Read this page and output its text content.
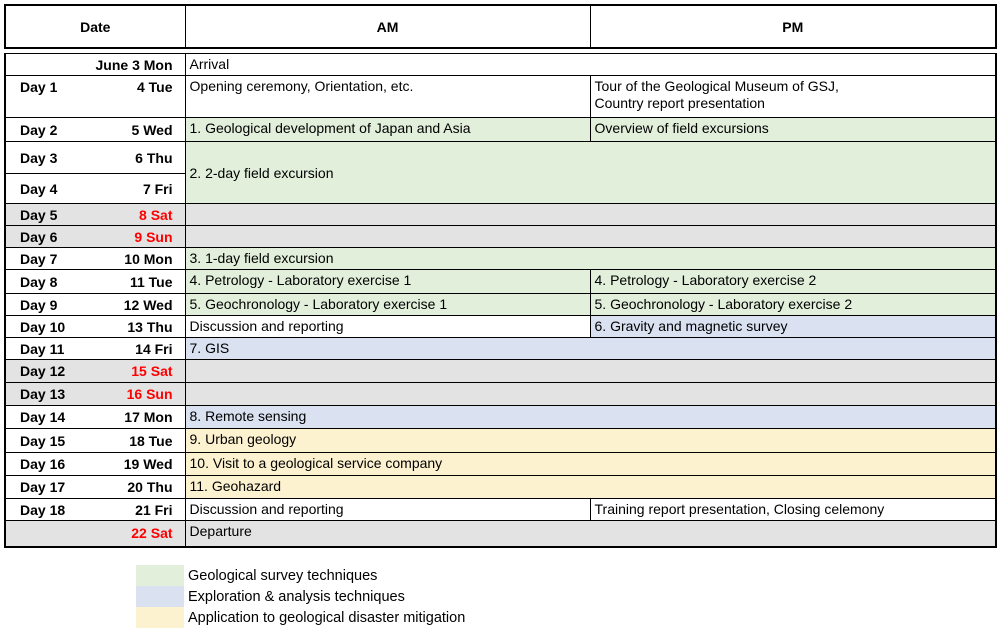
Date		AM	PM

	June 3 Mon	Arrival	
Day 1	4 Tue	Opening ceremony, Orientation, etc.	Tour of the Geological Museum of GSJ,
Country report presentation

Day 2	5 Wed	1. Geological development of Japan and Asia	Overview of field excursions
Day 3	6 Thu	2. 2-day field excursion	
Day 4	7 Fri		
Day 5	8 Sat		
Day 6	9 Sun		
Day 7	10 Mon	3. 1-day field excursion	
Day 8	11 Tue	4. Petrology - Laboratory exercise 1	4. Petrology - Laboratory exercise 2
Day 9	12 Wed	5. Geochronology - Laboratory exercise 1	5. Geochronology - Laboratory exercise 2
Day 10	13 Thu	Discussion and reporting	6. Gravity and magnetic survey
Day 11	14 Fri	7. GIS	
Day 12	15 Sat		
Day 13	16 Sun		
Day 14	17 Mon	8. Remote sensing	
Day 15	18 Tue	9. Urban geology	
Day 16	19 Wed	10. Visit to a geological service company	
Day 17	20 Thu	11. Geohazard	
Day 18	21 Fri	Discussion and reporting	Training report presentation, Closing celemony
	22 Sat	Departure	
Geological survey techniques
Exploration & analysis techniques
Application to geological disaster mitigation
